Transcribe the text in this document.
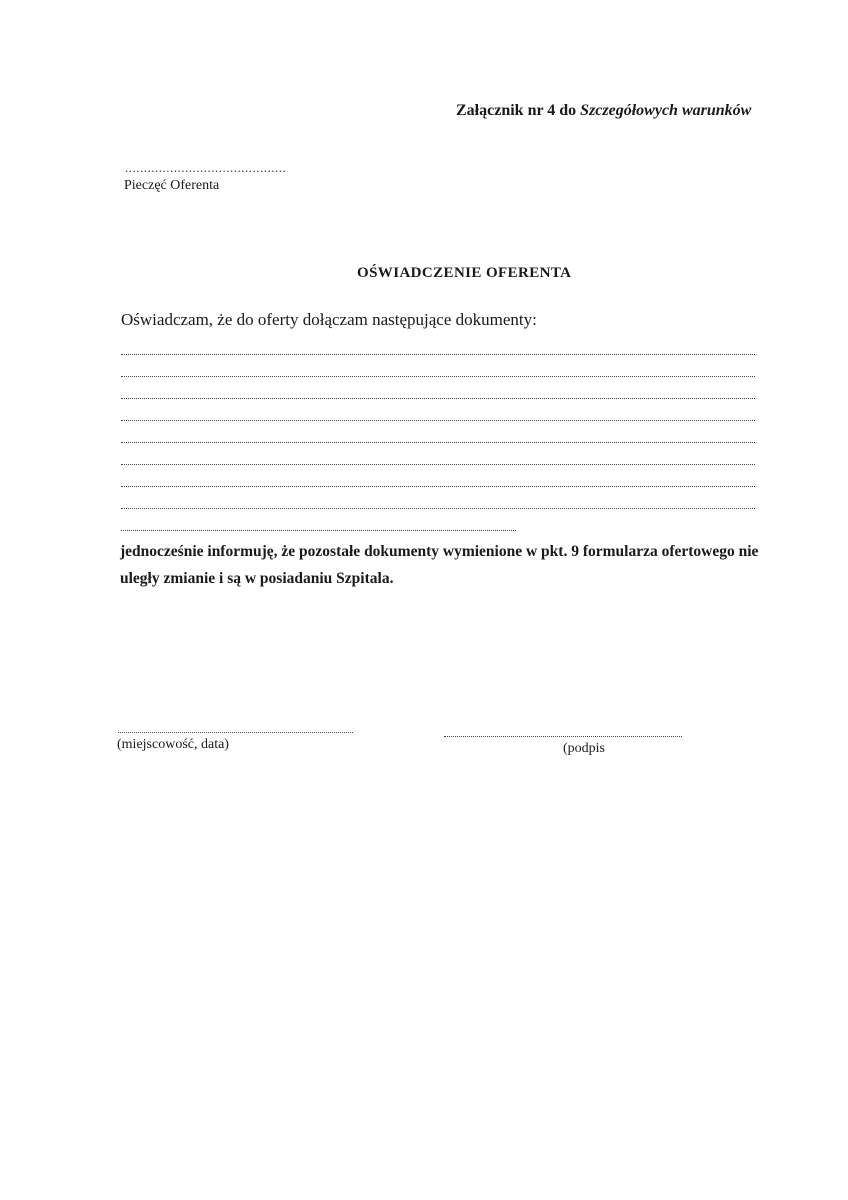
Załącznik nr 4 do Szczegółowych warunków
...........................................
Pieczęć Oferenta
OŚWIADCZENIE OFERENTA
Oświadczam, że do oferty dołączam następujące dokumenty:
jednocześnie informuję, że pozostałe dokumenty wymienione w pkt. 9 formularza ofertowego nie uległy zmianie i są w posiadaniu Szpitala.
(miejscowość, data)	(podpis
